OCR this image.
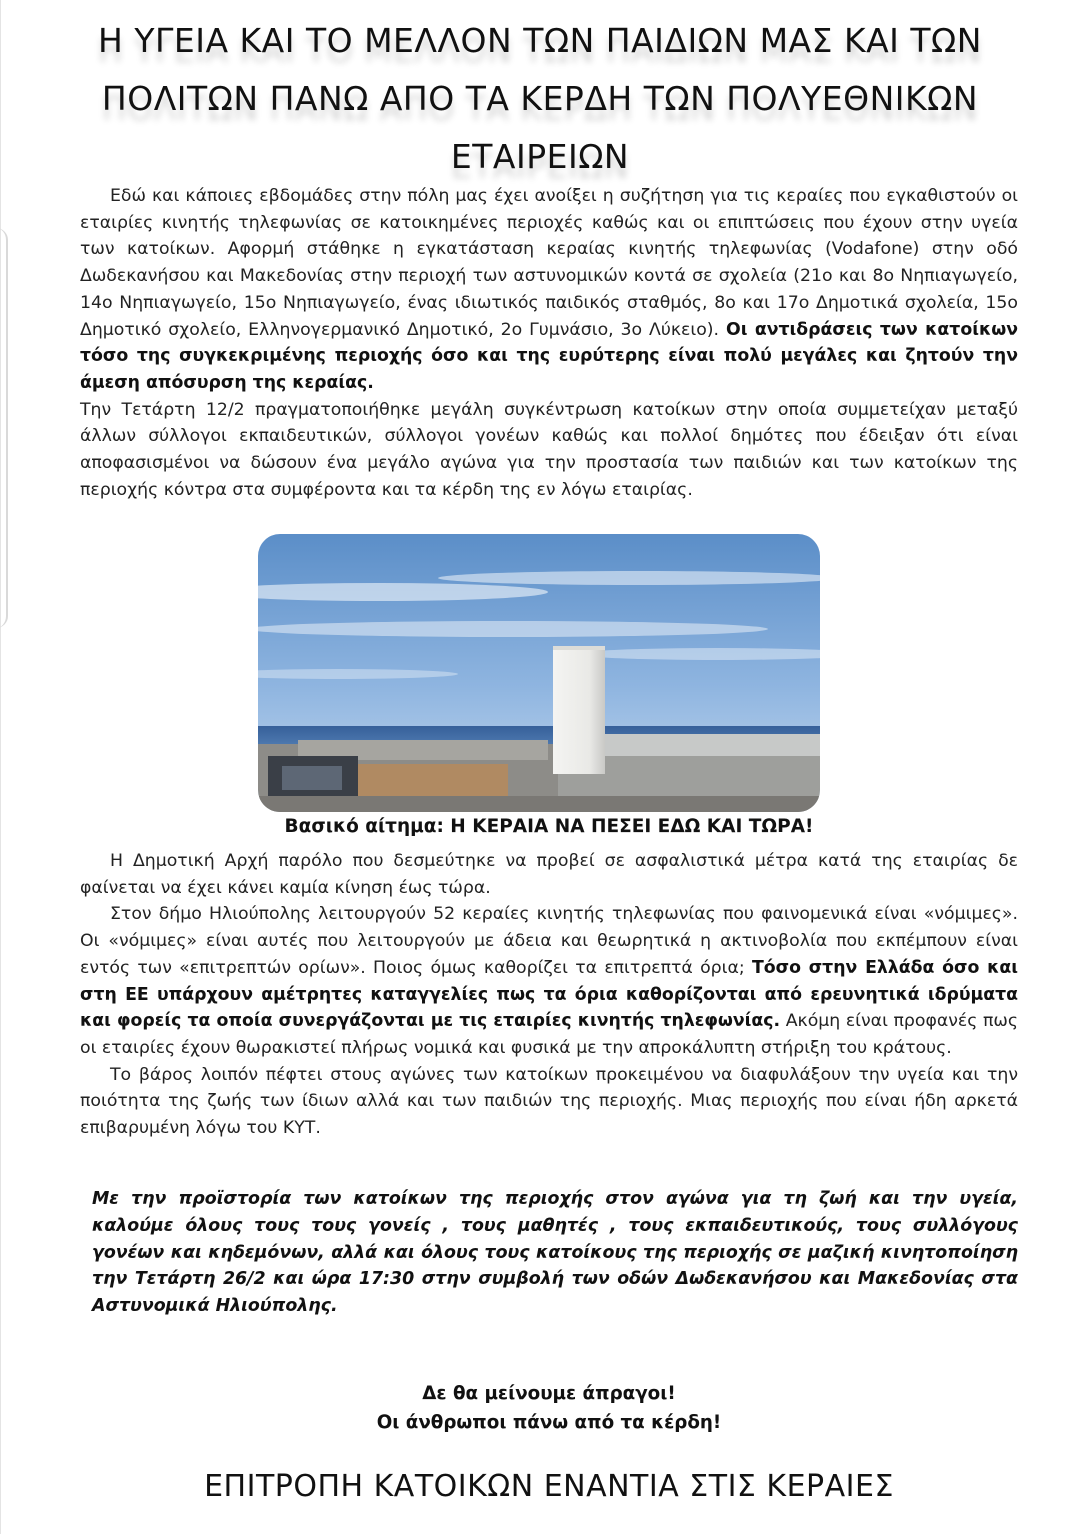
Η ΥΓΕΙΑ ΚΑΙ ΤΟ ΜΕΛΛΟΝ ΤΩΝ ΠΑΙΔΙΩΝ ΜΑΣ ΚΑΙ ΤΩΝ ΠΟΛΙΤΩΝ ΠΑΝΩ ΑΠΟ ΤΑ ΚΕΡΔΗ ΤΩΝ ΠΟΛΥΕΘΝΙΚΩΝ ΕΤΑΙΡΕΙΩΝ

Εδώ και κάποιες εβδομάδες στην πόλη μας έχει ανοίξει η συζήτηση για τις κεραίες που εγκαθιστούν οι εταιρίες κινητής τηλεφωνίας σε κατοικημένες περιοχές καθώς και οι επιπτώσεις που έχουν στην υγεία των κατοίκων. Αφορμή στάθηκε η εγκατάσταση κεραίας κινητής τηλεφωνίας (Vodafone) στην οδό Δωδεκανήσου και Μακεδονίας στην περιοχή των αστυνομικών κοντά σε σχολεία (21ο και 8ο Νηπιαγωγείο, 14ο Νηπιαγωγείο, 15ο Νηπιαγωγείο, ένας ιδιωτικός παιδικός σταθμός, 8ο και 17ο Δημοτικά σχολεία, 15ο Δημοτικό σχολείο, Ελληνογερμανικό Δημοτικό, 2ο Γυμνάσιο, 3ο Λύκειο). Οι αντιδράσεις των κατοίκων τόσο της συγκεκριμένης περιοχής όσο και της ευρύτερης είναι πολύ μεγάλες και ζητούν την άμεση απόσυρση της κεραίας.

Την Τετάρτη 12/2 πραγματοποιήθηκε μεγάλη συγκέντρωση κατοίκων στην οποία συμμετείχαν μεταξύ άλλων σύλλογοι εκπαιδευτικών, σύλλογοι γονέων καθώς και πολλοί δημότες που έδειξαν ότι είναι αποφασισμένοι να δώσουν ένα μεγάλο αγώνα για την προστασία των παιδιών και των κατοίκων της περιοχής κόντρα στα συμφέροντα και τα κέρδη της εν λόγω εταιρίας.

Βασικό αίτημα: Η ΚΕΡΑΙΑ ΝΑ ΠΕΣΕΙ ΕΔΩ ΚΑΙ ΤΩΡΑ!

Η Δημοτική Αρχή παρόλο που δεσμεύτηκε να προβεί σε ασφαλιστικά μέτρα κατά της εταιρίας δε φαίνεται να έχει κάνει καμία κίνηση έως τώρα.

Στον δήμο Ηλιούπολης λειτουργούν 52 κεραίες κινητής τηλεφωνίας που φαινομενικά είναι «νόμιμες». Οι «νόμιμες» είναι αυτές που λειτουργούν με άδεια και θεωρητικά η ακτινοβολία που εκπέμπουν είναι εντός των «επιτρεπτών ορίων». Ποιος όμως καθορίζει τα επιτρεπτά όρια; Τόσο στην Ελλάδα όσο και στη ΕΕ υπάρχουν αμέτρητες καταγγελίες πως τα όρια καθορίζονται από ερευνητικά ιδρύματα και φορείς τα οποία συνεργάζονται με τις εταιρίες κινητής τηλεφωνίας. Ακόμη είναι προφανές πως οι εταιρίες έχουν θωρακιστεί πλήρως νομικά και φυσικά με την απροκάλυπτη στήριξη του κράτους.

Το βάρος λοιπόν πέφτει στους αγώνες των κατοίκων προκειμένου να διαφυλάξουν την υγεία και την ποιότητα της ζωής των ίδιων αλλά και των παιδιών της περιοχής. Μιας περιοχής που είναι ήδη αρκετά επιβαρυμένη λόγω του ΚΥΤ.

Με την προϊστορία των κατοίκων της περιοχής στον αγώνα για τη ζωή και την υγεία, καλούμε όλους τους τους γονείς , τους μαθητές , τους εκπαιδευτικούς, τους συλλόγους γονέων και κηδεμόνων, αλλά και όλους τους κατοίκους της περιοχής σε μαζική κινητοποίηση την Τετάρτη 26/2 και ώρα 17:30 στην συμβολή των οδών Δωδεκανήσου και Μακεδονίας στα Αστυνομικά Ηλιούπολης.

Δε θα μείνουμε άπραγοι!
Οι άνθρωποι πάνω από τα κέρδη!

ΕΠΙΤΡΟΠΗ ΚΑΤΟΙΚΩΝ ΕΝΑΝΤΙΑ ΣΤΙΣ ΚΕΡΑΙΕΣ
